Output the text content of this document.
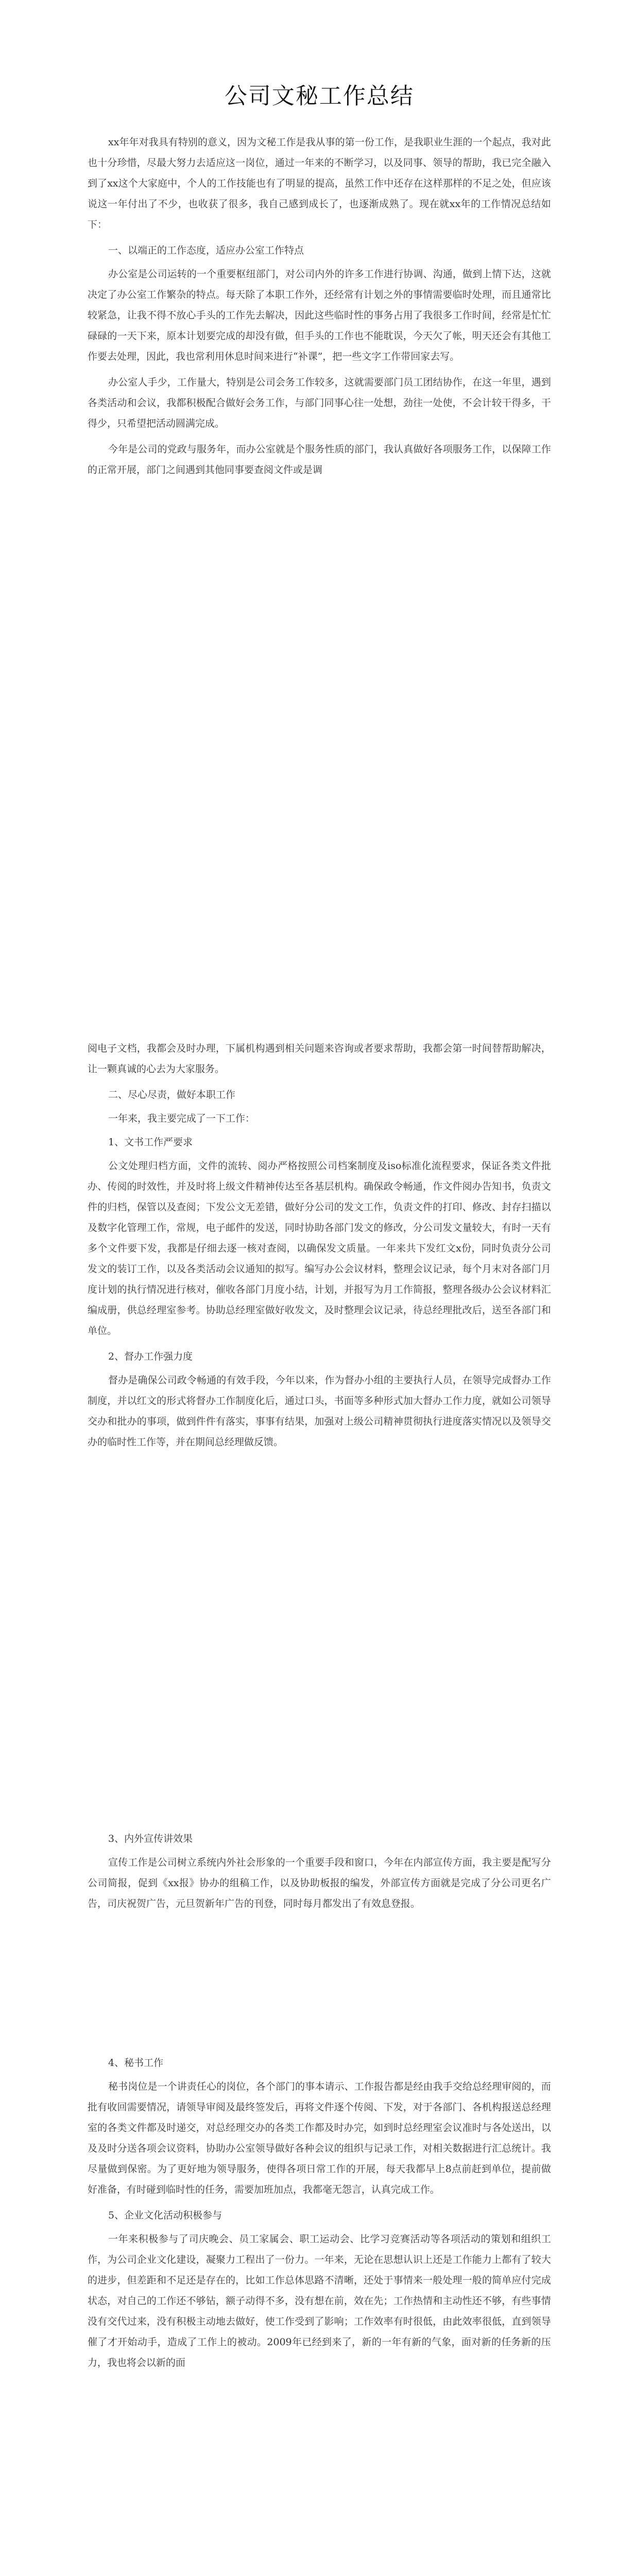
公司文秘工作总结

xx年年对我具有特别的意义，因为文秘工作是我从事的第一份工作，是我职业生涯的一个起点，我对此也十分珍惜，尽最大努力去适应这一岗位，通过一年来的不断学习，以及同事、领导的帮助，我已完全融入到了xx这个大家庭中，个人的工作技能也有了明显的提高，虽然工作中还存在这样那样的不足之处，但应该说这一年付出了不少，也收获了很多，我自己感到成长了，也逐渐成熟了。现在就xx年的工作情况总结如下：

一、以端正的工作态度，适应办公室工作特点

办公室是公司运转的一个重要枢纽部门，对公司内外的许多工作进行协调、沟通，做到上情下达，这就决定了办公室工作繁杂的特点。每天除了本职工作外，还经常有计划之外的事情需要临时处理，而且通常比较紧急，让我不得不放心手头的工作先去解决，因此这些临时性的事务占用了我很多工作时间，经常是忙忙碌碌的一天下来，原本计划要完成的却没有做，但手头的工作也不能耽误，今天欠了帐，明天还会有其他工作要去处理，因此，我也常利用休息时间来进行“补课”，把一些文字工作带回家去写。

办公室人手少，工作量大，特别是公司会务工作较多，这就需要部门员工团结协作，在这一年里，遇到各类活动和会议，我都积极配合做好会务工作，与部门同事心往一处想，劲往一处使，不会计较干得多，干得少，只希望把活动圆满完成。

今年是公司的党政与服务年，而办公室就是个服务性质的部门，我认真做好各项服务工作，以保障工作的正常开展，部门之间遇到其他同事要查阅文件或是调

阅电子文档，我都会及时办理，下属机构遇到相关问题来咨询或者要求帮助，我都会第一时间替帮助解决，让一颗真诚的心去为大家服务。

二、尽心尽责，做好本职工作

一年来，我主要完成了一下工作：

1、文书工作严要求

公文处理归档方面，文件的流转、阅办严格按照公司档案制度及iso标准化流程要求，保证各类文件批办、传阅的时效性，并及时将上级文件精神传达至各基层机构。确保政令畅通，作文件阅办告知书，负责文件的归档，保管以及查阅；下发公文无差错，做好分公司的发文工作，负责文件的打印、修改、封存扫描以及数字化管理工作，常规，电子邮件的发送，同时协助各部门发文的修改，分公司发文量较大，有时一天有多个文件要下发，我都是仔细去逐一核对查阅，以确保发文质量。一年来共下发红文x份，同时负责分公司发文的装订工作，以及各类活动会议通知的拟写。编写办公会议材料，整理会议记录，每个月末对各部门月度计划的执行情况进行核对，催收各部门月度小结，计划，并报写为月工作简报，整理各级办公会议材料汇编成册，供总经理室参考。协助总经理室做好收发文，及时整理会议记录，待总经理批改后，送至各部门和单位。

2、督办工作强力度

督办是确保公司政令畅通的有效手段，今年以来，作为督办小组的主要执行人员，在领导完成督办工作制度，并以红文的形式将督办工作制度化后，通过口头，书面等多种形式加大督办工作力度，就如公司领导交办和批办的事项，做到件件有落实，事事有结果，加强对上级公司精神贯彻执行进度落实情况以及领导交办的临时性工作等，并在期间总经理做反馈。

3、内外宣传讲效果

宣传工作是公司树立系统内外社会形象的一个重要手段和窗口，今年在内部宣传方面，我主要是配写分公司简报，促到《xx报》协办的组稿工作，以及协助板报的编发，外部宣传方面就是完成了分公司更名广告，司庆祝贺广告，元旦贺新年广告的刊登，同时每月都发出了有效息登报。

4、秘书工作

秘书岗位是一个讲责任心的岗位，各个部门的事本请示、工作报告都是经由我手交给总经理审阅的，而批有收回需要情况，请领导审阅及最终签发后，再将文件逐个传阅、下发，对于各部门、各机构报送总经理室的各类文件都及时递交，对总经理交办的各类工作都及时办完，如到时总经理室会议准时与各处送出，以及及时分送各项会议资料，协助办公室领导做好各种会议的组织与记录工作，对相关数据进行汇总统计。我尽量做到保密。为了更好地为领导服务，使得各项日常工作的开展，每天我都早上8点前赶到单位，提前做好准备，有时碰到临时性的任务，需要加班加点，我都毫无怨言，认真完成工作。

5、企业文化活动积极参与

一年来积极参与了司庆晚会、员工家属会、职工运动会、比学习竞赛活动等各项活动的策划和组织工作，为公司企业文化建设，凝聚力工程出了一份力。一年来，无论在思想认识上还是工作能力上都有了较大的进步，但差距和不足还是存在的，比如工作总体思路不清晰，还处于事情来一般处理一般的简单应付完成状态，对自己的工作还不够钻，额子动得不多，没有想在前，效在先；工作热情和主动性还不够，有些事情没有交代过来，没有积极主动地去做好，使工作受到了影响；工作效率有时很低，由此效率很低，直到领导催了才开始动手，造成了工作上的被动。2009年已经到来了，新的一年有新的气象，面对新的任务新的压力，我也将会以新的面
